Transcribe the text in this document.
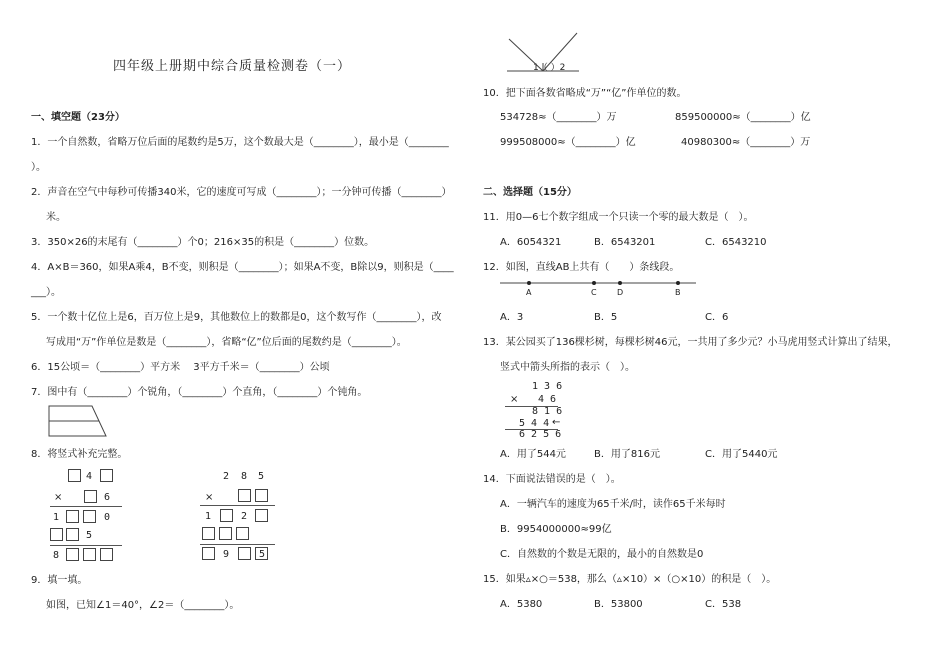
四年级上册期中综合质量检测卷（一）
一、填空题（23分）
1．一个自然数，省略万位后面的尾数约是5万，这个数最大是（________），最小是（________
）。
2．声音在空气中每秒可传播340米，它的速度可写成（________）；一分钟可传播（________）
米。
3．350×26的末尾有（________）个0；216×35的积是（________）位数。
4．A×B＝360，如果A乘4，B不变，则积是（________）；如果A不变，B除以9，则积是（____
___）。
5．一个数十亿位上是6，百万位上是9，其他数位上的数都是0，这个数写作（________），改
写成用“万”作单位是数是（________），省略“亿”位后面的尾数约是（________）。
6．15公顷＝（________）平方米　 3平方千米＝（________）公顷
7．图中有（________）个锐角，（________）个直角，（________）个钝角。
8．将竖式补充完整。
4
×	6
1	0
5
8
2 8 5
×
1	2
9	5
9．填一填。
如图，已知∠1＝40°，∠2＝（________）。
1（ ）2
10．把下面各数省略成“万”“亿”作单位的数。
534728≈（________）万	859500000≈（________）亿
999508000≈（________）亿	40980300≈（________）万
二、选择题（15分）
11．用0—6七个数字组成一个只读一个零的最大数是（　）。
A．6054321	B．6543201	C．6543210
12．如图，直线AB上共有（　　）条线段。
A	C	D	B
A．3	B．5	C．6
13．某公园买了136棵杉树，每棵杉树46元，一共用了多少元？小马虎用竖式计算出了结果，
竖式中箭头所指的表示（　）。
1 3 6
× 4 6
8 1 6
5 4 4 ←
6 2 5 6
A．用了544元	B．用了816元	C．用了5440元
14．下面说法错误的是（　）。
A．一辆汽车的速度为65千米/时，读作65千米每时
B．9954000000≈99亿
C．自然数的个数是无限的，最小的自然数是0
15．如果▵×○＝538，那么（▵×10）×（○×10）的积是（　）。
A．5380	B．53800	C．538
